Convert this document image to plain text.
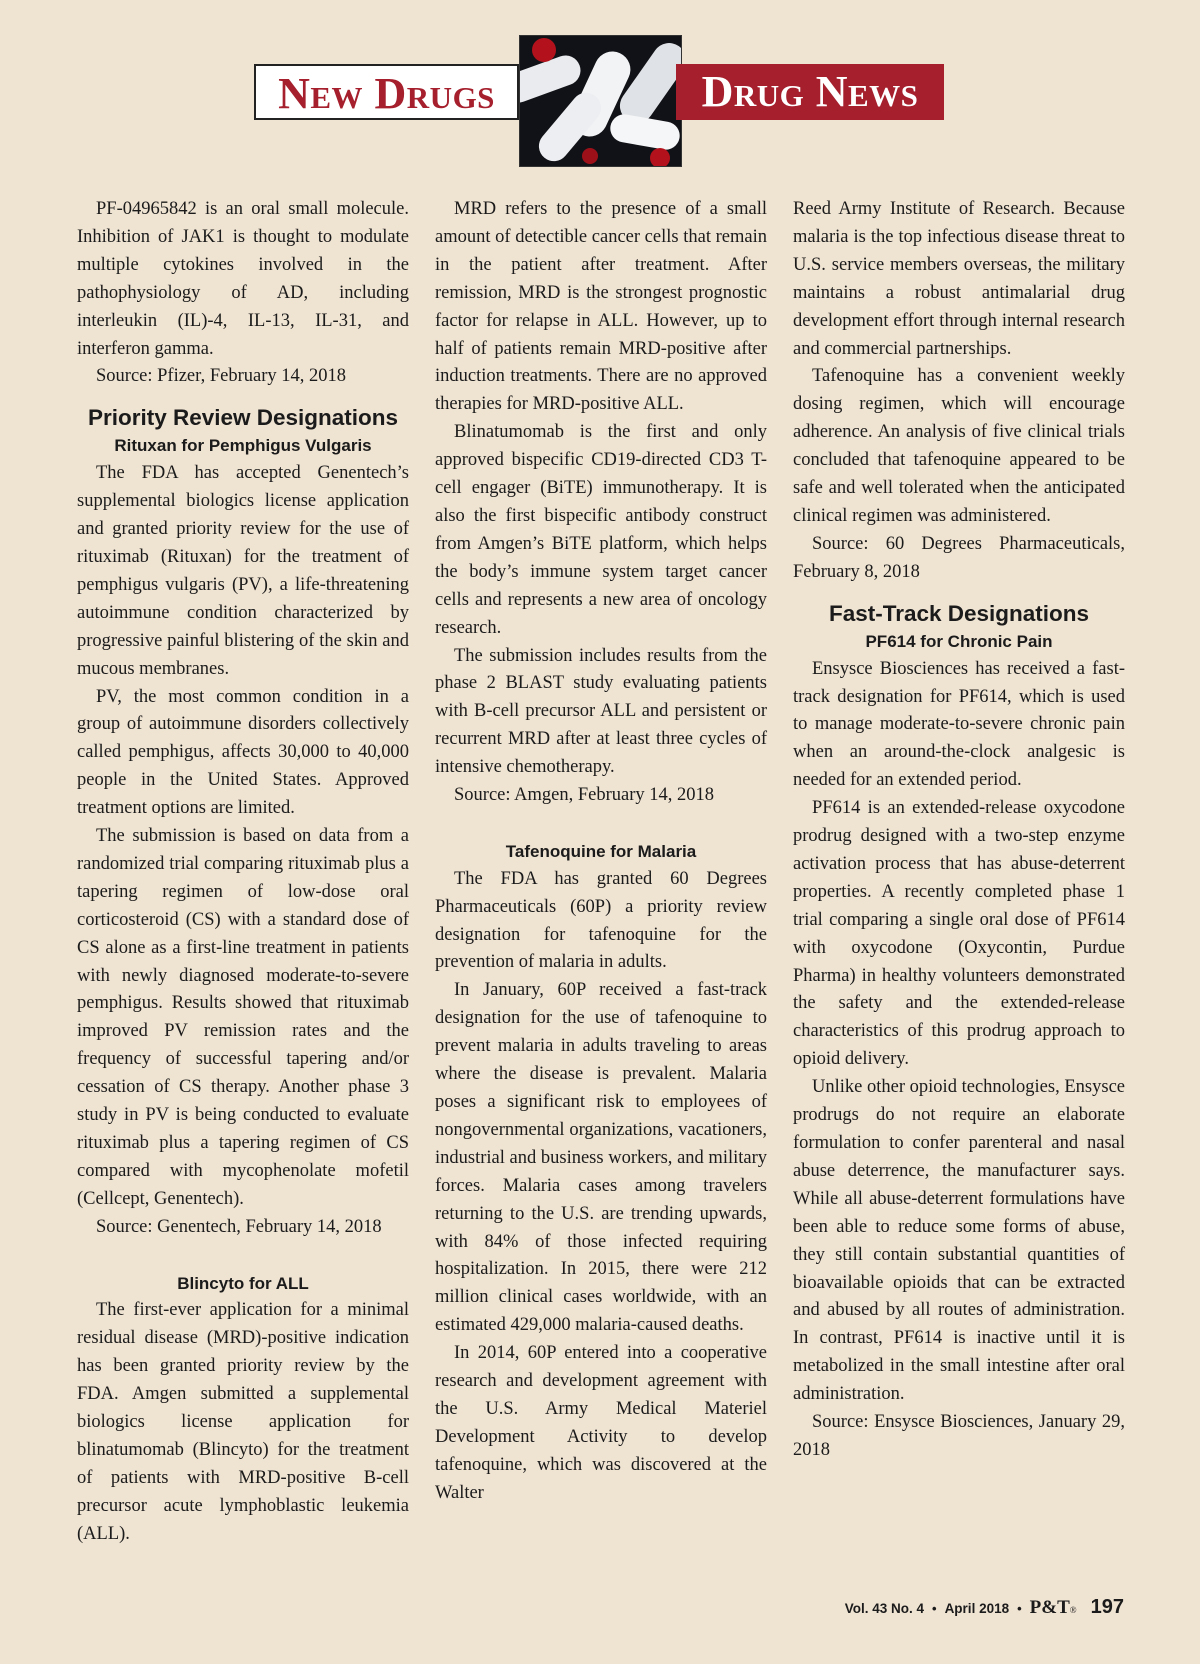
New Drugs	Drug News

PF-04965842 is an oral small molecule. Inhibition of JAK1 is thought to modulate multiple cytokines involved in the pathophysiology of AD, including interleukin (IL)-4, IL-13, IL-31, and interferon gamma.

Source: Pfizer, February 14, 2018

Priority Review Designations
Rituxan for Pemphigus Vulgaris

The FDA has accepted Genentech’s supplemental biologics license application and granted priority review for the use of rituximab (Rituxan) for the treatment of pemphigus vulgaris (PV), a life-threatening autoimmune condition characterized by progressive painful blistering of the skin and mucous membranes.

PV, the most common condition in a group of autoimmune disorders collectively called pemphigus, affects 30,000 to 40,000 people in the United States. Approved treatment options are limited.

The submission is based on data from a randomized trial comparing rituximab plus a tapering regimen of low-dose oral corticosteroid (CS) with a standard dose of CS alone as a first-line treatment in patients with newly diagnosed moderate-to-severe pemphigus. Results showed that rituximab improved PV remission rates and the frequency of successful tapering and/or cessation of CS therapy. Another phase 3 study in PV is being conducted to evaluate rituximab plus a tapering regimen of CS compared with mycophenolate mofetil (Cellcept, Genentech).

Source: Genentech, February 14, 2018

Blincyto for ALL

The first-ever application for a minimal residual disease (MRD)-positive indication has been granted priority review by the FDA. Amgen submitted a supplemental biologics license application for blinatumomab (Blincyto) for the treatment of patients with MRD-positive B-cell precursor acute lymphoblastic leukemia (ALL).

MRD refers to the presence of a small amount of detectible cancer cells that remain in the patient after treatment. After remission, MRD is the strongest prognostic factor for relapse in ALL. However, up to half of patients remain MRD-positive after induction treatments. There are no approved therapies for MRD-positive ALL.

Blinatumomab is the first and only approved bispecific CD19-directed CD3 T-cell engager (BiTE) immunotherapy. It is also the first bispecific antibody construct from Amgen’s BiTE platform, which helps the body’s immune system target cancer cells and represents a new area of oncology research.

The submission includes results from the phase 2 BLAST study evaluating patients with B-cell precursor ALL and persistent or recurrent MRD after at least three cycles of intensive chemotherapy.

Source: Amgen, February 14, 2018

Tafenoquine for Malaria

The FDA has granted 60 Degrees Pharmaceuticals (60P) a priority review designation for tafenoquine for the prevention of malaria in adults.

In January, 60P received a fast-track designation for the use of tafenoquine to prevent malaria in adults traveling to areas where the disease is prevalent. Malaria poses a significant risk to employees of nongovernmental organizations, vacationers, industrial and business workers, and military forces. Malaria cases among travelers returning to the U.S. are trending upwards, with 84% of those infected requiring hospitalization. In 2015, there were 212 million clinical cases worldwide, with an estimated 429,000 malaria-caused deaths.

In 2014, 60P entered into a cooperative research and development agreement with the U.S. Army Medical Materiel Development Activity to develop tafenoquine, which was discovered at the Walter

Reed Army Institute of Research. Because malaria is the top infectious disease threat to U.S. service members overseas, the military maintains a robust antimalarial drug development effort through internal research and commercial partnerships.

Tafenoquine has a convenient weekly dosing regimen, which will encourage adherence. An analysis of five clinical trials concluded that tafenoquine appeared to be safe and well tolerated when the anticipated clinical regimen was administered.

Source: 60 Degrees Pharmaceuticals, February 8, 2018

Fast-Track Designations
PF614 for Chronic Pain

Ensysce Biosciences has received a fast-track designation for PF614, which is used to manage moderate-to-severe chronic pain when an around-the-clock analgesic is needed for an extended period.

PF614 is an extended-release oxycodone prodrug designed with a two-step enzyme activation process that has abuse-deterrent properties. A recently completed phase 1 trial comparing a single oral dose of PF614 with oxycodone (Oxycontin, Purdue Pharma) in healthy volunteers demonstrated the safety and the extended-release characteristics of this prodrug approach to opioid delivery.

Unlike other opioid technologies, Ensysce prodrugs do not require an elaborate formulation to confer parenteral and nasal abuse deterrence, the manufacturer says. While all abuse-deterrent formulations have been able to reduce some forms of abuse, they still contain substantial quantities of bioavailable opioids that can be extracted and abused by all routes of administration. In contrast, PF614 is inactive until it is metabolized in the small intestine after oral administration.

Source: Ensysce Biosciences, January 29, 2018

Vol. 43 No. 4 • April 2018 • P&T® 197
